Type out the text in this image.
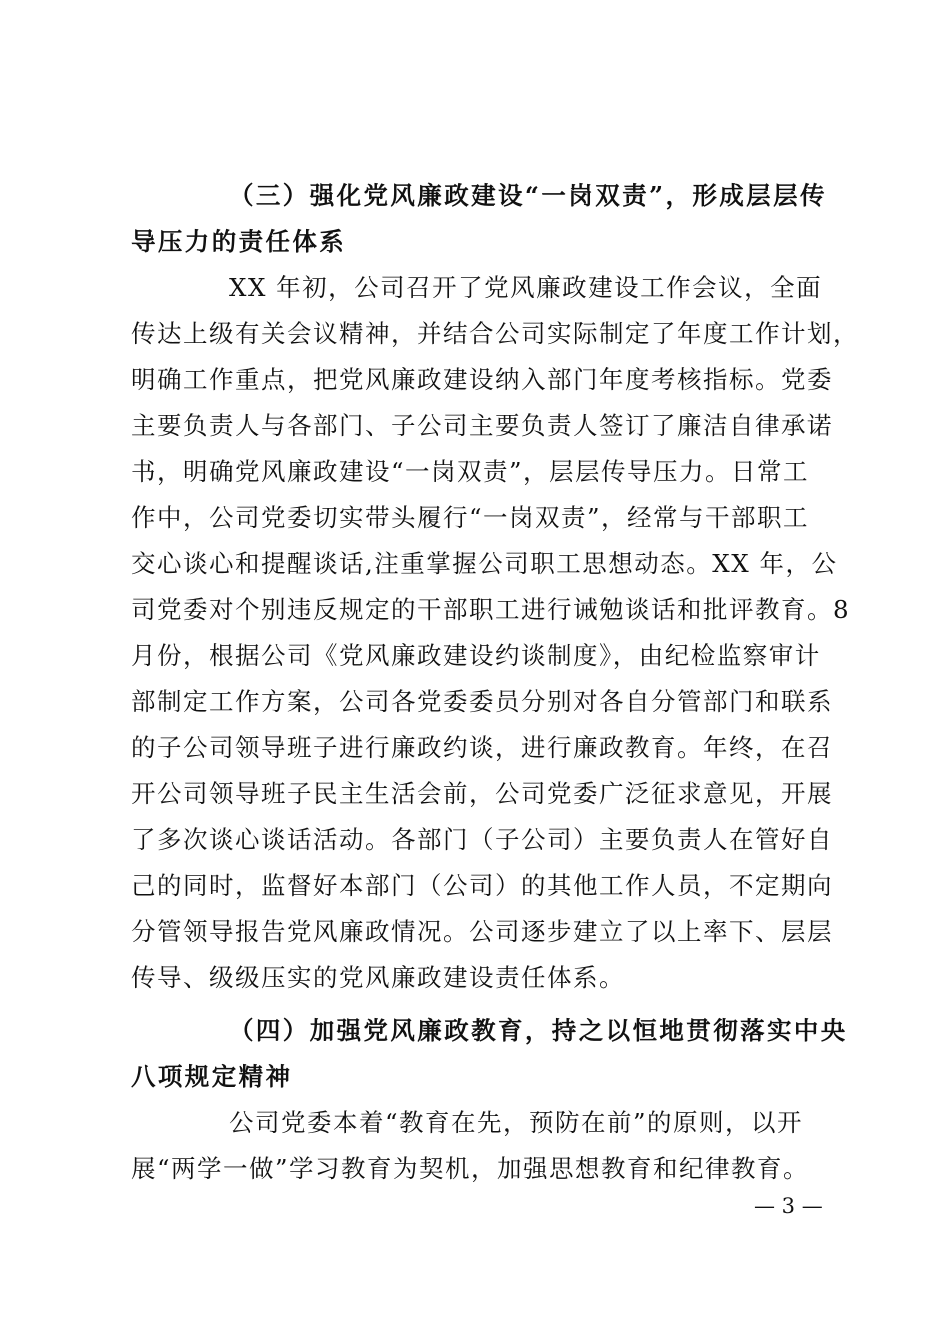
（三）强化党风廉政建设“一岗双责”，形成层层传
导压力的责任体系
XX 年初，公司召开了党风廉政建设工作会议，全面
传达上级有关会议精神，并结合公司实际制定了年度工作计划，
明确工作重点，把党风廉政建设纳入部门年度考核指标。党委
主要负责人与各部门、子公司主要负责人签订了廉洁自律承诺
书，明确党风廉政建设“一岗双责”，层层传导压力。日常工
作中，公司党委切实带头履行“一岗双责”，经常与干部职工
交心谈心和提醒谈话,注重掌握公司职工思想动态。XX 年，公
司党委对个别违反规定的干部职工进行诫勉谈话和批评教育。8
月份，根据公司《党风廉政建设约谈制度》，由纪检监察审计
部制定工作方案，公司各党委委员分别对各自分管部门和联系
的子公司领导班子进行廉政约谈，进行廉政教育。年终，在召
开公司领导班子民主生活会前，公司党委广泛征求意见，开展
了多次谈心谈话活动。各部门（子公司）主要负责人在管好自
己的同时，监督好本部门（公司）的其他工作人员，不定期向
分管领导报告党风廉政情况。公司逐步建立了以上率下、层层
传导、级级压实的党风廉政建设责任体系。
（四）加强党风廉政教育，持之以恒地贯彻落实中央
八项规定精神
公司党委本着“教育在先，预防在前”的原则，以开
展“两学一做”学习教育为契机，加强思想教育和纪律教育。
— 3 —
